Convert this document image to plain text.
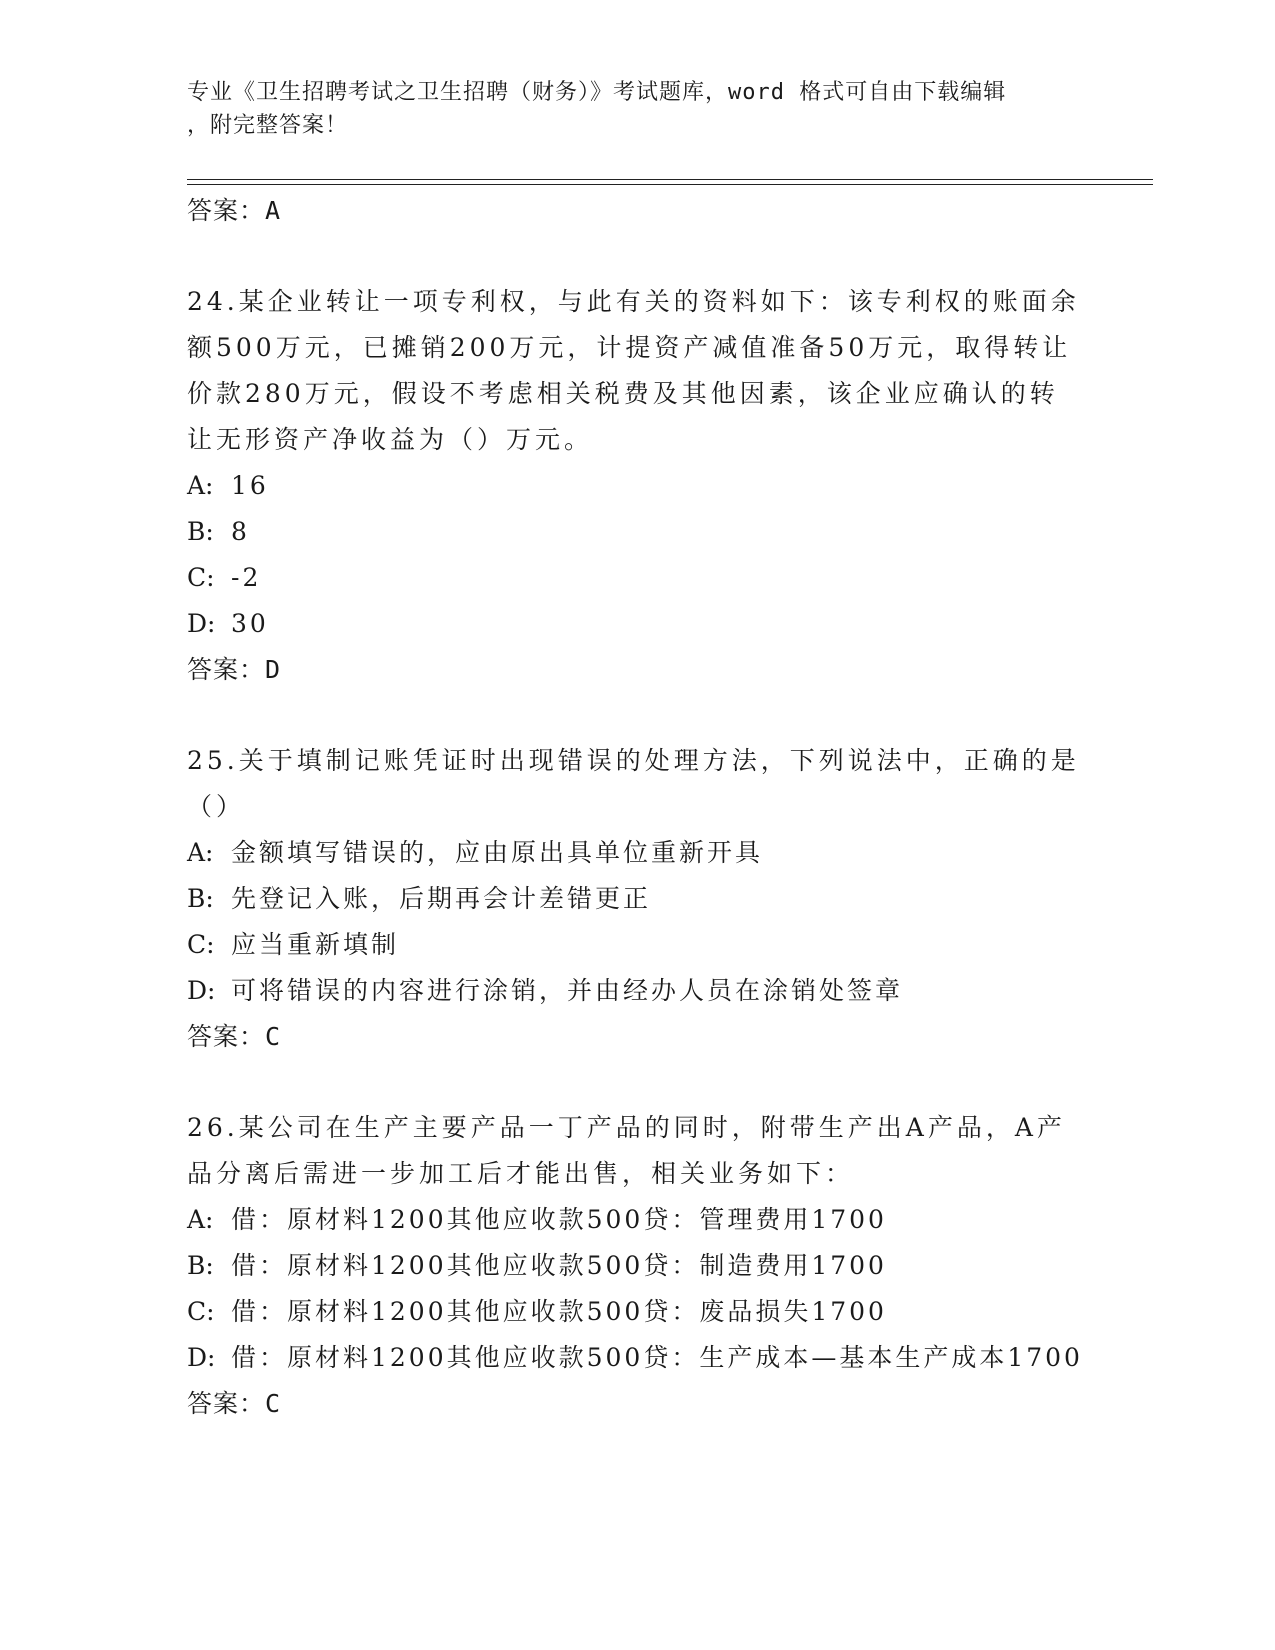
专业《卫生招聘考试之卫生招聘（财务）》考试题库，word 格式可自由下载编辑
，附完整答案！
答案：A
24.某企业转让一项专利权，与此有关的资料如下：该专利权的账面余额500万元，已摊销200万元，计提资产减值准备50万元，取得转让价款280万元，假设不考虑相关税费及其他因素，该企业应确认的转让无形资产净收益为（）万元。
A: 16
B: 8
C: -2
D: 30
答案：D
25.关于填制记账凭证时出现错误的处理方法，下列说法中，正确的是（）
A: 金额填写错误的，应由原出具单位重新开具
B: 先登记入账，后期再会计差错更正
C: 应当重新填制
D: 可将错误的内容进行涂销，并由经办人员在涂销处签章
答案：C
26.某公司在生产主要产品一丁产品的同时，附带生产出A产品，A产品分离后需进一步加工后才能出售，相关业务如下：
A: 借：原材料1200其他应收款500贷：管理费用1700
B: 借：原材料1200其他应收款500贷：制造费用1700
C: 借：原材料1200其他应收款500贷：废品损失1700
D: 借：原材料1200其他应收款500贷：生产成本—基本生产成本1700
答案：C
